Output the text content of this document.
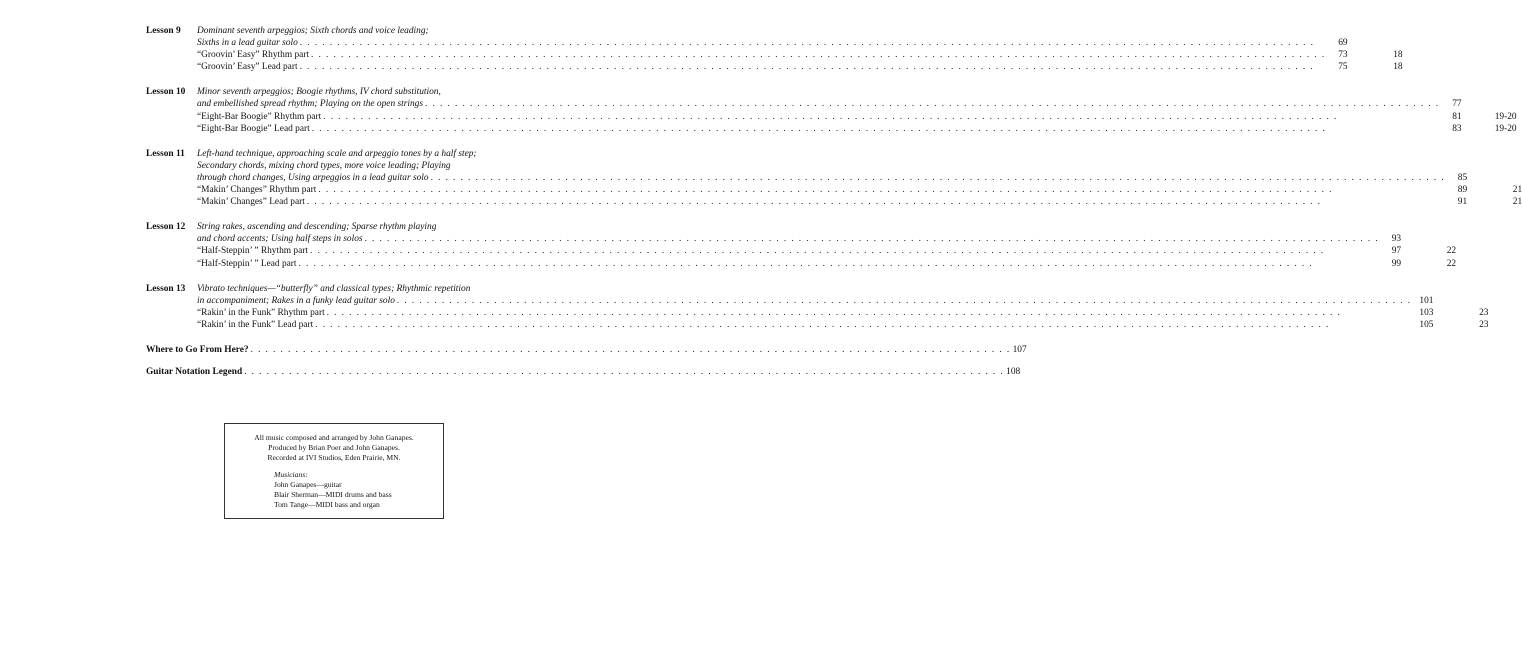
Lesson 9	Dominant seventh arpeggios; Sixth chords and voice leading;
Sixths in a lead guitar solo . . .	69
“Groovin’ Easy” Rhythm part . . .	73	18
“Groovin’ Easy” Lead part . . .	75	18
Lesson 10	Minor seventh arpeggios; Boogie rhythms, IV chord substitution,
and embellished spread rhythm; Playing on the open strings . . .	77
“Eight-Bar Boogie” Rhythm part . . .	81	19-20
“Eight-Bar Boogie” Lead part . . .	83	19-20
Lesson 11	Left-hand technique, approaching scale and arpeggio tones by a half step;
Secondary chords, mixing chord types, more voice leading; Playing
through chord changes, Using arpeggios in a lead guitar solo . . .	85
“Makin’ Changes” Rhythm part . . .	89	21
“Makin’ Changes” Lead part . . .	91	21
Lesson 12	String rakes, ascending and descending; Sparse rhythm playing
and chord accents; Using half steps in solos . . .	93
“Half-Steppin’ ” Rhythm part . . .	97	22
“Half-Steppin’ ” Lead part . . .	99	22
Lesson 13	Vibrato techniques—“butterfly” and classical types; Rhythmic repetition
in accompaniment; Rakes in a funky lead guitar solo . . .	101
“Rakin’ in the Funk” Rhythm part . . .	103	23
“Rakin’ in the Funk” Lead part . . .	105	23
Where to Go From Here? . . .	107
Guitar Notation Legend . . .	108
All music composed and arranged by John Ganapes.
Produced by Brian Poer and John Ganapes.
Recorded at IVI Studios, Eden Prairie, MN.
Musicians:
John Ganapes—guitar
Blair Sherman—MIDI drums and bass
Tom Tange—MIDI bass and organ
